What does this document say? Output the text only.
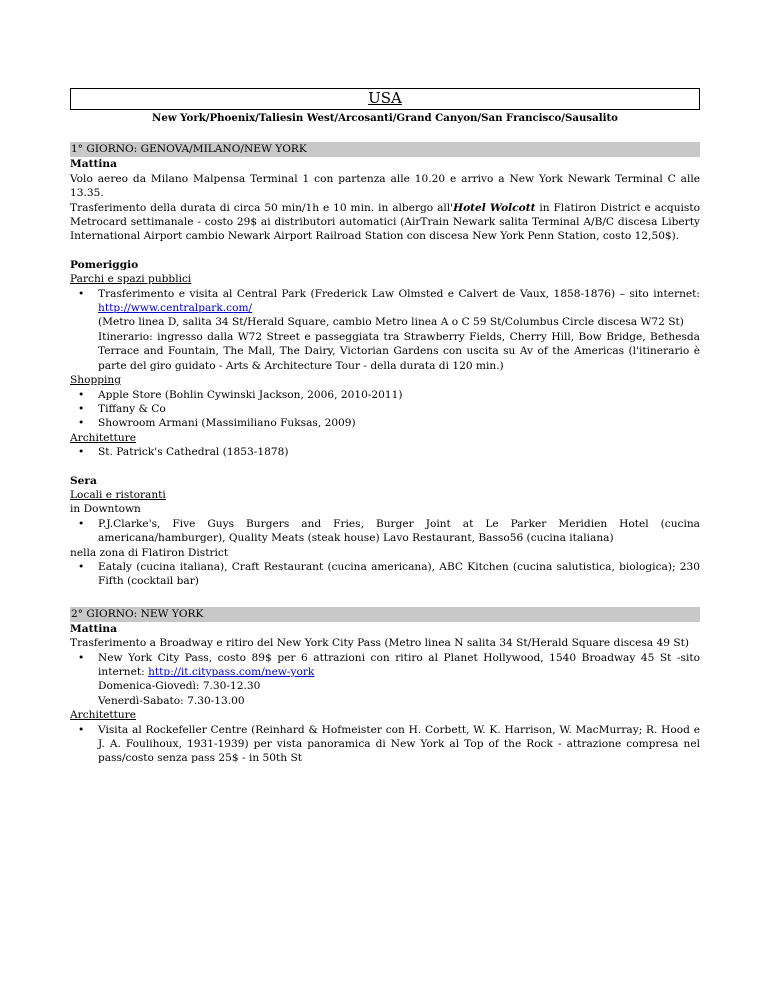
USA
New York/Phoenix/Taliesin West/Arcosanti/Grand Canyon/San Francisco/Sausalito
1° GIORNO: GENOVA/MILANO/NEW YORK
Mattina
Volo aereo da Milano Malpensa Terminal 1 con partenza alle 10.20 e arrivo a New York Newark Terminal C alle 13.35.
Trasferimento della durata di circa 50 min/1h e 10 min. in albergo all'Hotel Wolcott in Flatiron District e acquisto Metrocard settimanale - costo 29$ ai distributori automatici (AirTrain Newark salita Terminal A/B/C discesa Liberty International Airport cambio Newark Airport Railroad Station con discesa New York Penn Station, costo 12,50$).
Pomeriggio
Parchi e spazi pubblici
• Trasferimento e visita al Central Park (Frederick Law Olmsted e Calvert de Vaux, 1858-1876) – sito internet: http://www.centralpark.com/
(Metro linea D, salita 34 St/Herald Square, cambio Metro linea A o C 59 St/Columbus Circle discesa W72 St)
Itinerario: ingresso dalla W72 Street e passeggiata tra Strawberry Fields, Cherry Hill, Bow Bridge, Bethesda Terrace and Fountain, The Mall, The Dairy, Victorian Gardens con uscita su Av of the Americas (l'itinerario è parte del giro guidato - Arts & Architecture Tour - della durata di 120 min.)
Shopping
• Apple Store (Bohlin Cywinski Jackson, 2006, 2010-2011)
• Tiffany & Co
• Showroom Armani (Massimiliano Fuksas, 2009)
Architetture
• St. Patrick's Cathedral (1853-1878)
Sera
Locali e ristoranti
in Downtown
• P.J.Clarke's, Five Guys Burgers and Fries, Burger Joint at Le Parker Meridien Hotel (cucina americana/hamburger), Quality Meats (steak house) Lavo Restaurant, Basso56 (cucina italiana)
nella zona di Flatiron District
• Eataly (cucina italiana), Craft Restaurant (cucina americana), ABC Kitchen (cucina salutistica, biologica); 230 Fifth (cocktail bar)
2° GIORNO: NEW YORK
Mattina
Trasferimento a Broadway e ritiro del New York City Pass (Metro linea N salita 34 St/Herald Square discesa 49 St)
• New York City Pass, costo 89$ per 6 attrazioni con ritiro al Planet Hollywood, 1540 Broadway 45 St -sito internet: http://it.citypass.com/new-york
Domenica-Giovedì: 7.30-12.30
Venerdì-Sabato: 7.30-13.00
Architetture
• Visita al Rockefeller Centre (Reinhard & Hofmeister con H. Corbett, W. K. Harrison, W. MacMurray; R. Hood e J. A. Foulihoux, 1931-1939) per vista panoramica di New York al Top of the Rock - attrazione compresa nel pass/costo senza pass 25$ - in 50th St
